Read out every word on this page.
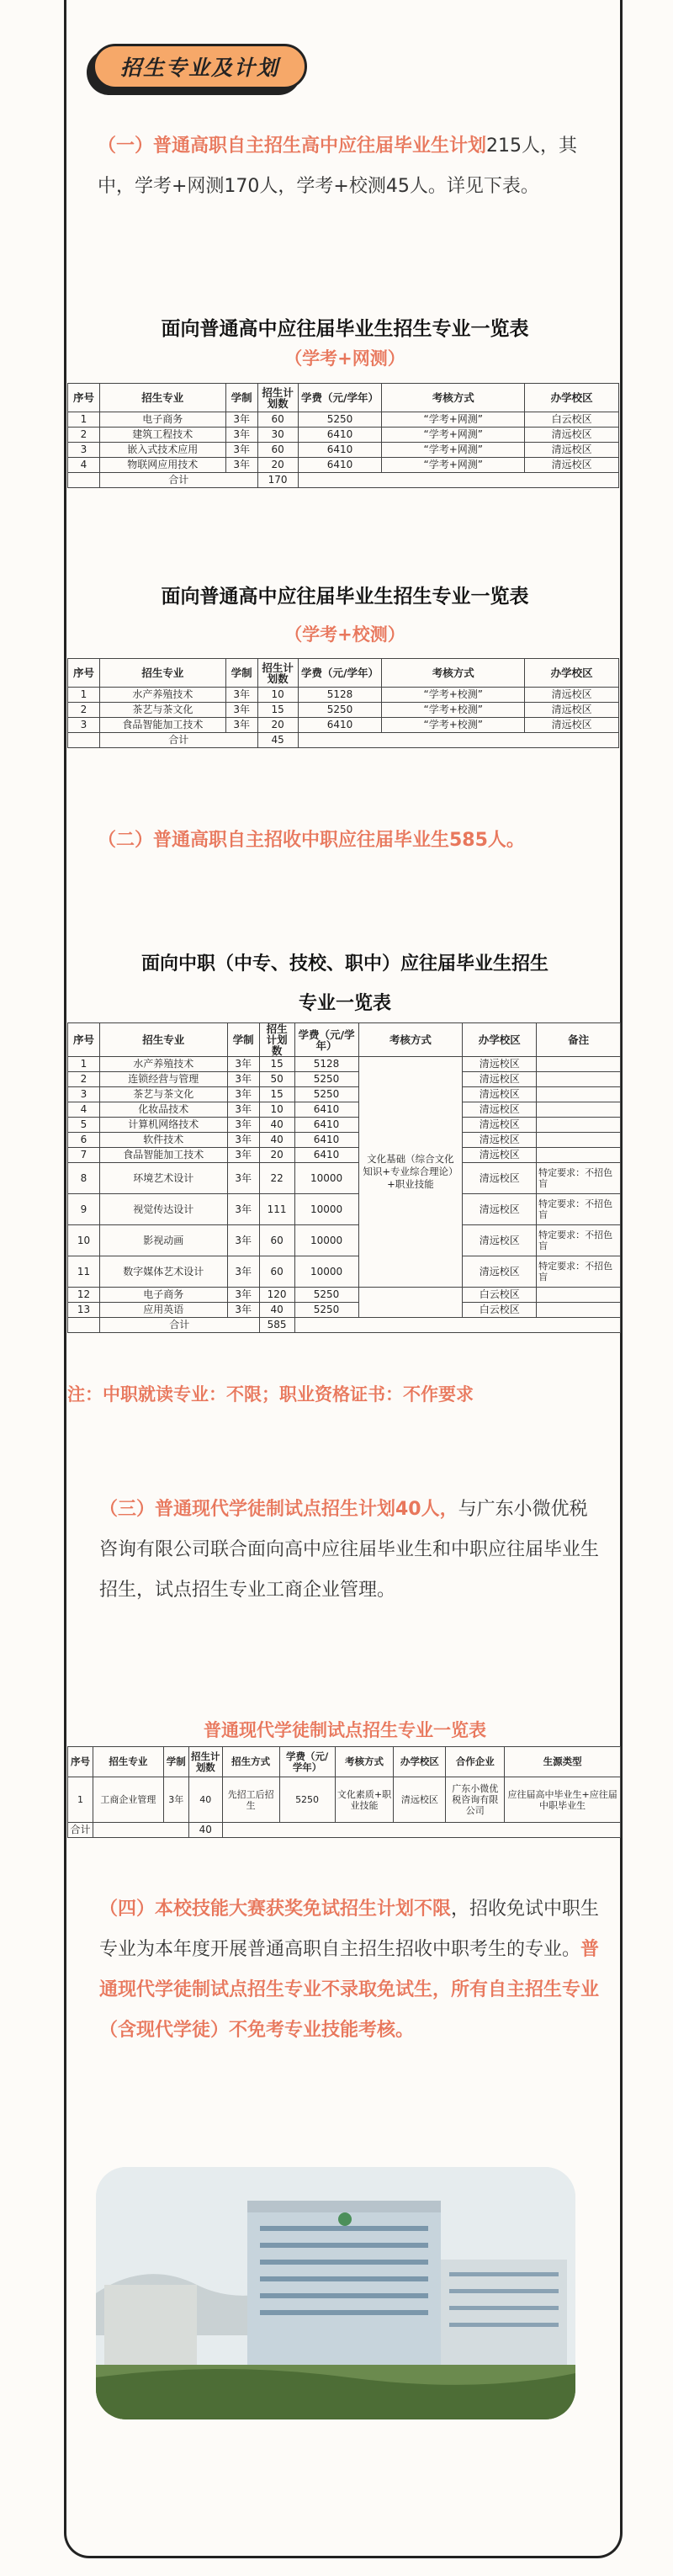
招生专业及计划
（一）普通高职自主招生高中应往届毕业生计划215人，其中，学考+网测170人，学考+校测45人。详见下表。
面向普通高中应往届毕业生招生专业一览表
（学考+网测）
序号	招生专业	学制	招生计划数	学费（元/学年）	考核方式	办学校区
1	电子商务	3年	60	5250	“学考+网测”	白云校区
2	建筑工程技术	3年	30	6410	“学考+网测”	清远校区
3	嵌入式技术应用	3年	60	6410	“学考+网测”	清远校区
4	物联网应用技术	3年	20	6410	“学考+网测”	清远校区
	合计		170			
面向普通高中应往届毕业生招生专业一览表
（学考+校测）
序号	招生专业	学制	招生计划数	学费（元/学年）	考核方式	办学校区
1	水产养殖技术	3年	10	5128	“学考+校测”	清远校区
2	茶艺与茶文化	3年	15	5250	“学考+校测”	清远校区
3	食品智能加工技术	3年	20	6410	“学考+校测”	清远校区
	合计		45			
（二）普通高职自主招收中职应往届毕业生585人。
面向中职（中专、技校、职中）应往届毕业生招生
专业一览表
序号	招生专业	学制	招生计划数	学费（元/学年）	考核方式	办学校区	备注
1	水产养殖技术	3年	15	5128	文化基础（综合文化知识+专业综合理论）+职业技能	清远校区	
2	连锁经营与管理	3年	50	5250		清远校区	
3	茶艺与茶文化	3年	15	5250		清远校区	
4	化妆品技术	3年	10	6410		清远校区	
5	计算机网络技术	3年	40	6410		清远校区	
6	软件技术	3年	40	6410		清远校区	
7	食品智能加工技术	3年	20	6410		清远校区	
8	环境艺术设计	3年	22	10000		清远校区	特定要求：不招色盲
9	视觉传达设计	3年	111	10000		清远校区	特定要求：不招色盲
10	影视动画	3年	60	10000		清远校区	特定要求：不招色盲
11	数字媒体艺术设计	3年	60	10000		清远校区	特定要求：不招色盲
12	电子商务	3年	120	5250		白云校区	
13	应用英语	3年	40	5250		白云校区	
	合计		585				
注：中职就读专业：不限；职业资格证书：不作要求
（三）普通现代学徒制试点招生计划40人，与广东小微优税咨询有限公司联合面向高中应往届毕业生和中职应往届毕业生招生，试点招生专业工商企业管理。
普通现代学徒制试点招生专业一览表
序号	招生专业	学制	招生计划数	招生方式	学费（元/学年）	考核方式	办学校区	合作企业	生源类型
1	工商企业管理	3年	40	先招工后招生	5250	文化素质+职业技能	清远校区	广东小微优税咨询有限公司	应往届高中毕业生+应往届中职毕业生
合计			40						
（四）本校技能大赛获奖免试招生计划不限，招收免试中职生专业为本年度开展普通高职自主招生招收中职考生的专业。普通现代学徒制试点招生专业不录取免试生，所有自主招生专业（含现代学徒）不免考专业技能考核。
